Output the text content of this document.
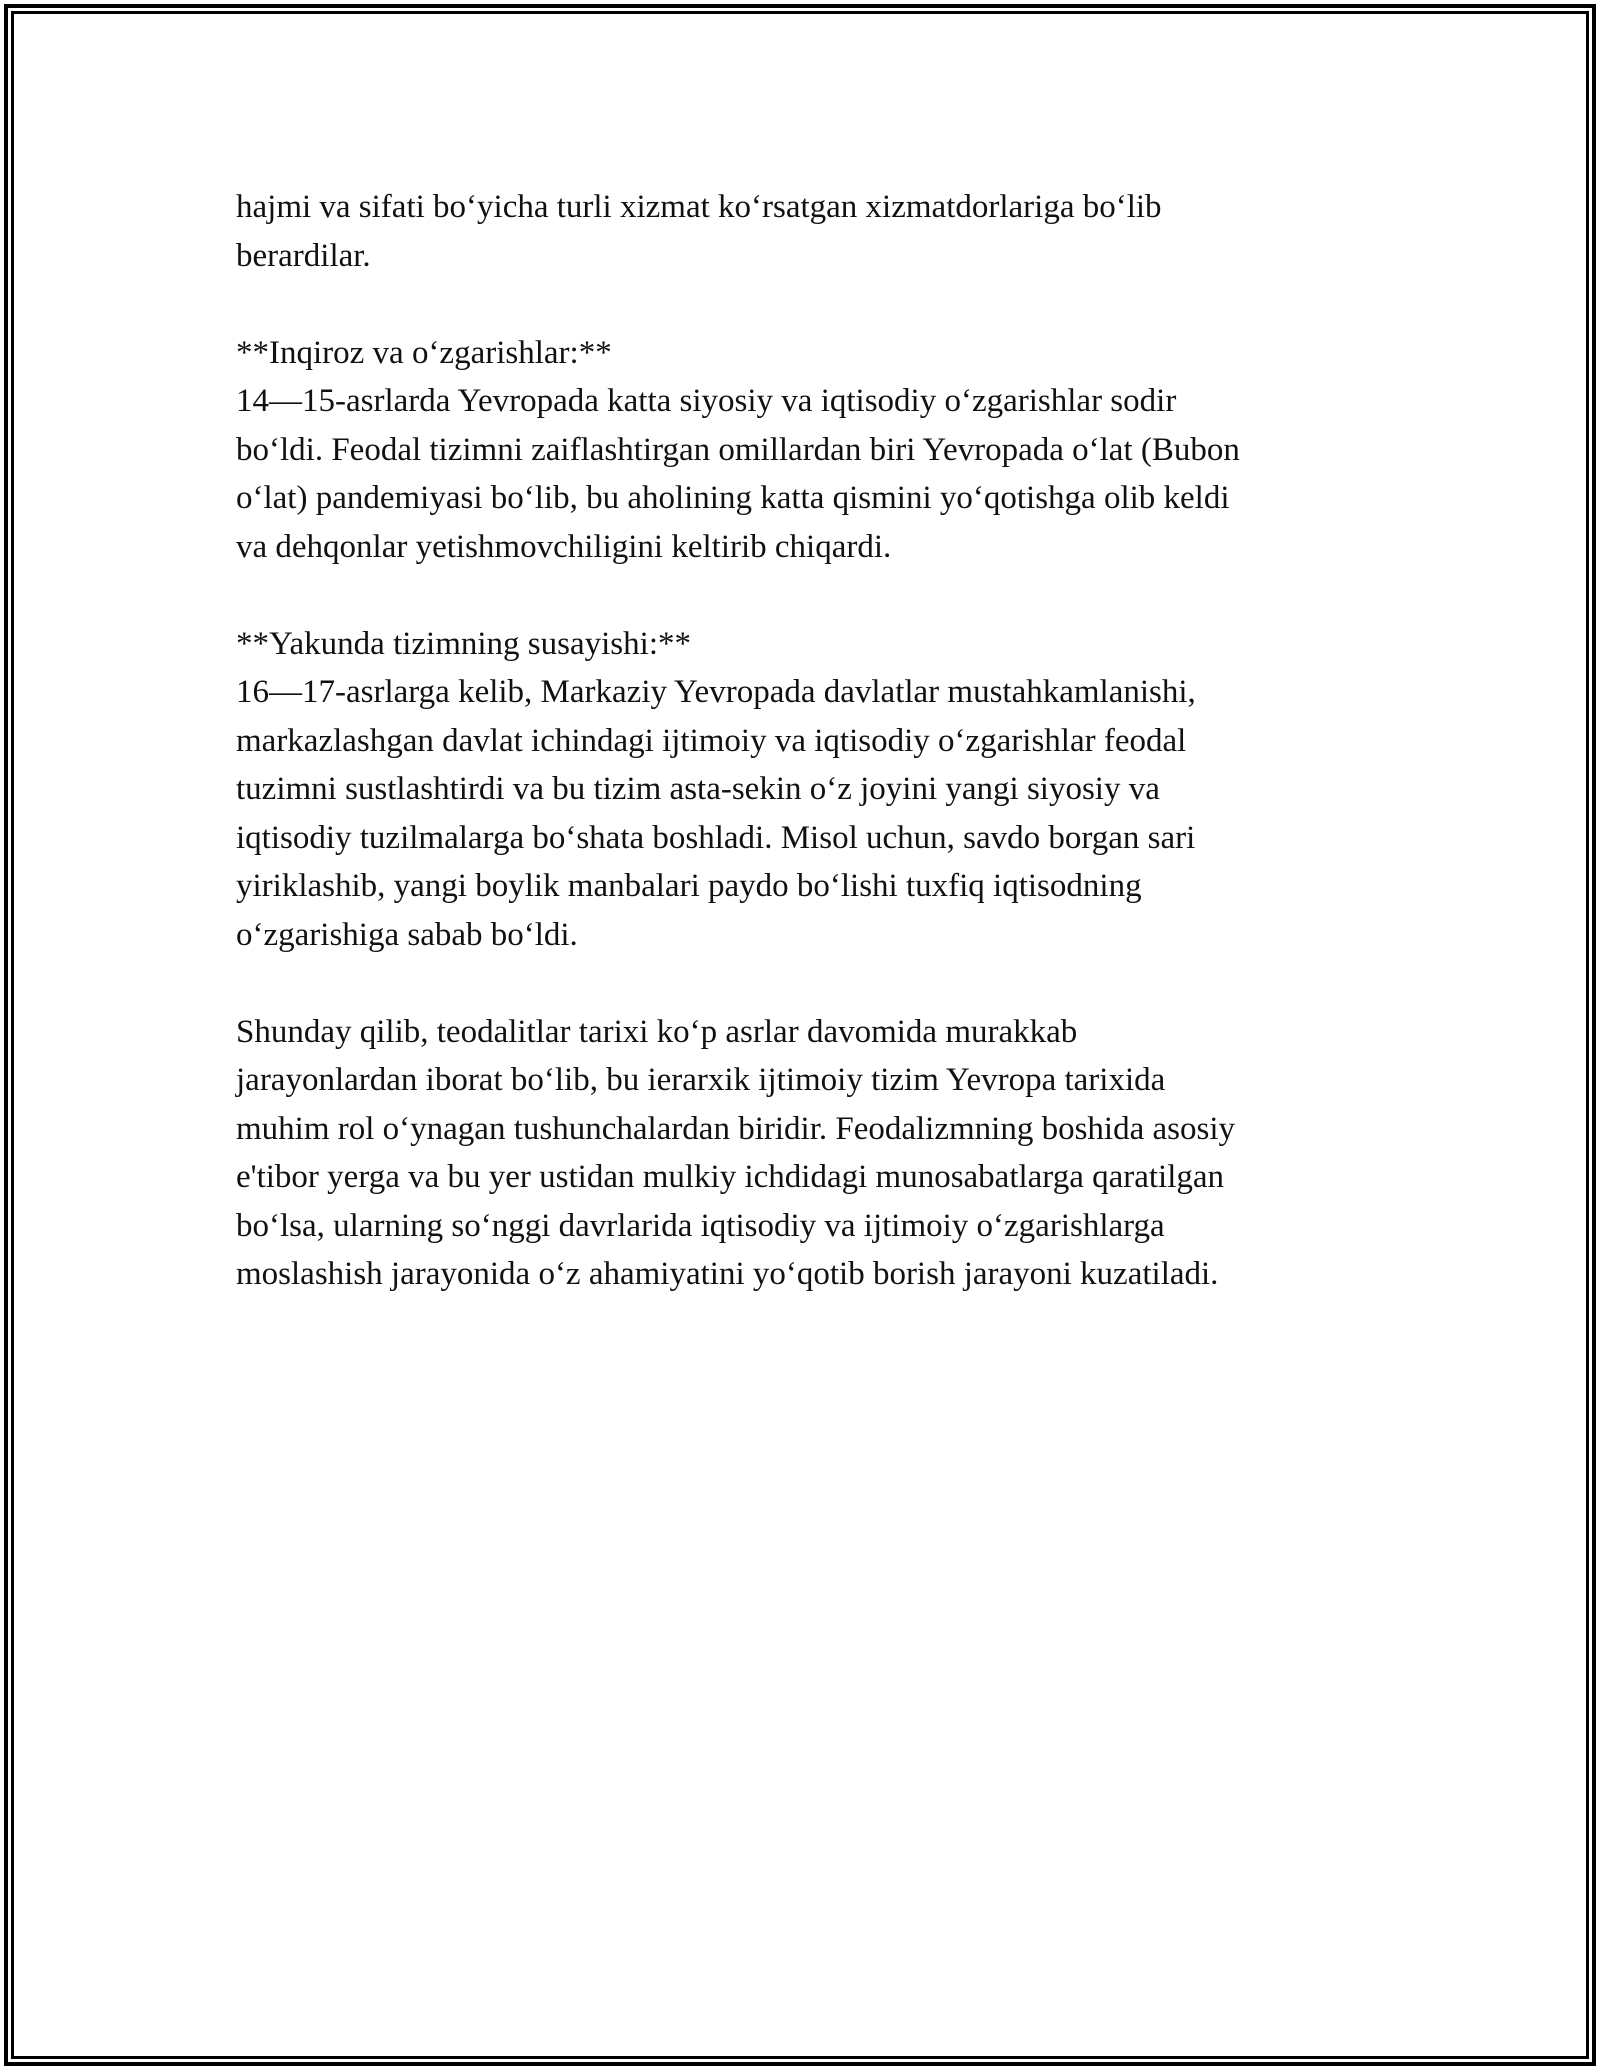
hajmi va sifati bo‘yicha turli xizmat ko‘rsatgan xizmatdorlariga bo‘lib
berardilar.

**Inqiroz va o‘zgarishlar:**
14—15-asrlarda Yevropada katta siyosiy va iqtisodiy o‘zgarishlar sodir
bo‘ldi. Feodal tizimni zaiflashtirgan omillardan biri Yevropada o‘lat (Bubon
o‘lat) pandemiyasi bo‘lib, bu aholining katta qismini yo‘qotishga olib keldi
va dehqonlar yetishmovchiligini keltirib chiqardi.

**Yakunda tizimning susayishi:**
16—17-asrlarga kelib, Markaziy Yevropada davlatlar mustahkamlanishi,
markazlashgan davlat ichindagi ijtimoiy va iqtisodiy o‘zgarishlar feodal
tuzimni sustlashtirdi va bu tizim asta-sekin o‘z joyini yangi siyosiy va
iqtisodiy tuzilmalarga bo‘shata boshladi. Misol uchun, savdo borgan sari
yiriklashib, yangi boylik manbalari paydo bo‘lishi tuxfiq iqtisodning
o‘zgarishiga sabab bo‘ldi.

Shunday qilib, teodalitlar tarixi ko‘p asrlar davomida murakkab
jarayonlardan iborat bo‘lib, bu ierarxik ijtimoiy tizim Yevropa tarixida
muhim rol o‘ynagan tushunchalardan biridir. Feodalizmning boshida asosiy
e'tibor yerga va bu yer ustidan mulkiy ichdidagi munosabatlarga qaratilgan
bo‘lsa, ularning so‘nggi davrlarida iqtisodiy va ijtimoiy o‘zgarishlarga
moslashish jarayonida o‘z ahamiyatini yo‘qotib borish jarayoni kuzatiladi.
